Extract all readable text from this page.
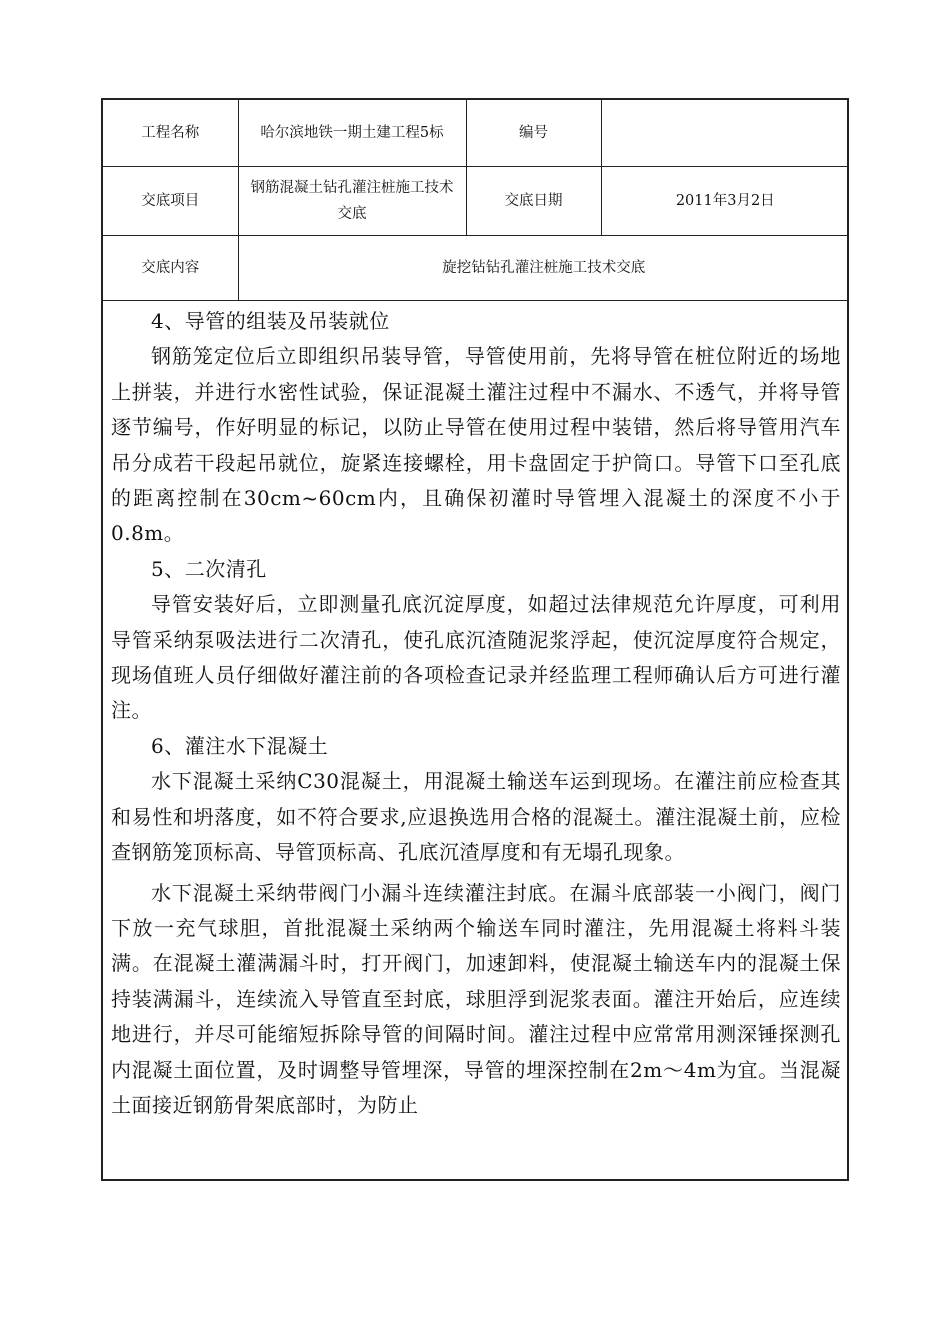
工程名称	哈尔滨地铁一期土建工程5标	编号	
交底项目	钢筋混凝土钻孔灌注桩施工技术交底	交底日期	2011年3月2日
交底内容	旋挖钻钻孔灌注桩施工技术交底		

4、导管的组装及吊装就位

钢筋笼定位后立即组织吊装导管，导管使用前，先将导管在桩位附近的场地上拼装，并进行水密性试验，保证混凝土灌注过程中不漏水、不透气，并将导管逐节编号，作好明显的标记，以防止导管在使用过程中装错，然后将导管用汽车吊分成若干段起吊就位，旋紧连接螺栓，用卡盘固定于护筒口。导管下口至孔底的距离控制在30cm~60cm内，且确保初灌时导管埋入混凝土的深度不小于0.8m。

5、二次清孔

导管安装好后，立即测量孔底沉淀厚度，如超过法律规范允许厚度，可利用导管采纳泵吸法进行二次清孔，使孔底沉渣随泥浆浮起，使沉淀厚度符合规定，现场值班人员仔细做好灌注前的各项检查记录并经监理工程师确认后方可进行灌注。

6、灌注水下混凝土

水下混凝土采纳C30混凝土，用混凝土输送车运到现场。在灌注前应检查其和易性和坍落度，如不符合要求,应退换选用合格的混凝土。灌注混凝土前，应检查钢筋笼顶标高、导管顶标高、孔底沉渣厚度和有无塌孔现象。

水下混凝土采纳带阀门小漏斗连续灌注封底。在漏斗底部装一小阀门，阀门下放一充气球胆，首批混凝土采纳两个输送车同时灌注，先用混凝土将料斗装满。在混凝土灌满漏斗时，打开阀门，加速卸料，使混凝土输送车内的混凝土保持装满漏斗，连续流入导管直至封底，球胆浮到泥浆表面。灌注开始后，应连续地进行，并尽可能缩短拆除导管的间隔时间。灌注过程中应常常用测深锤探测孔内混凝土面位置，及时调整导管埋深，导管的埋深控制在2m～4m为宜。当混凝土面接近钢筋骨架底部时，为防止
